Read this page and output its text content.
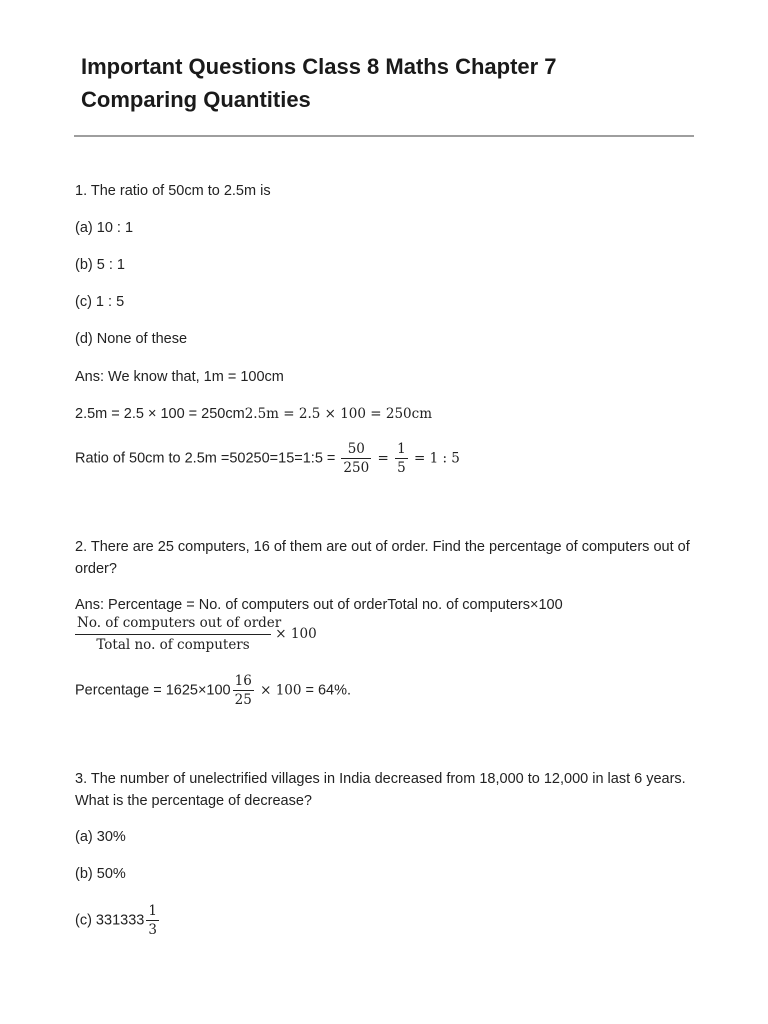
Important Questions Class 8 Maths Chapter 7
Comparing Quantities

1. The ratio of 50cm to 2.5m is

(a) 10 : 1

(b) 5 : 1

(c) 1 : 5

(d) None of these

Ans: We know that, 1m = 100cm

2.5m = 2.5 × 100 = 250cm2.5m = 2.5 × 100 = 250cm

Ratio of 50cm to 2.5m =50250=15=1:5 = $\frac{50}{250} = \frac{1}{5} = 1$ : 5

2. There are 25 computers, 16 of them are out of order. Find the percentage of computers out of order?

Ans: Percentage = No. of computers out of orderTotal no. of computers×100

$\frac{\text{No. of computers out of order}}{\text{Total no. of computers}} \times 100$

Percentage = $1625\times 100 \frac{16}{25} \times 100 = 64\%$.

3. The number of unelectrified villages in India decreased from 18,000 to 12,000 in last 6 years. What is the percentage of decrease?

(a) 30%

(b) 50%

(c) $331333 \frac{1}{3}$
